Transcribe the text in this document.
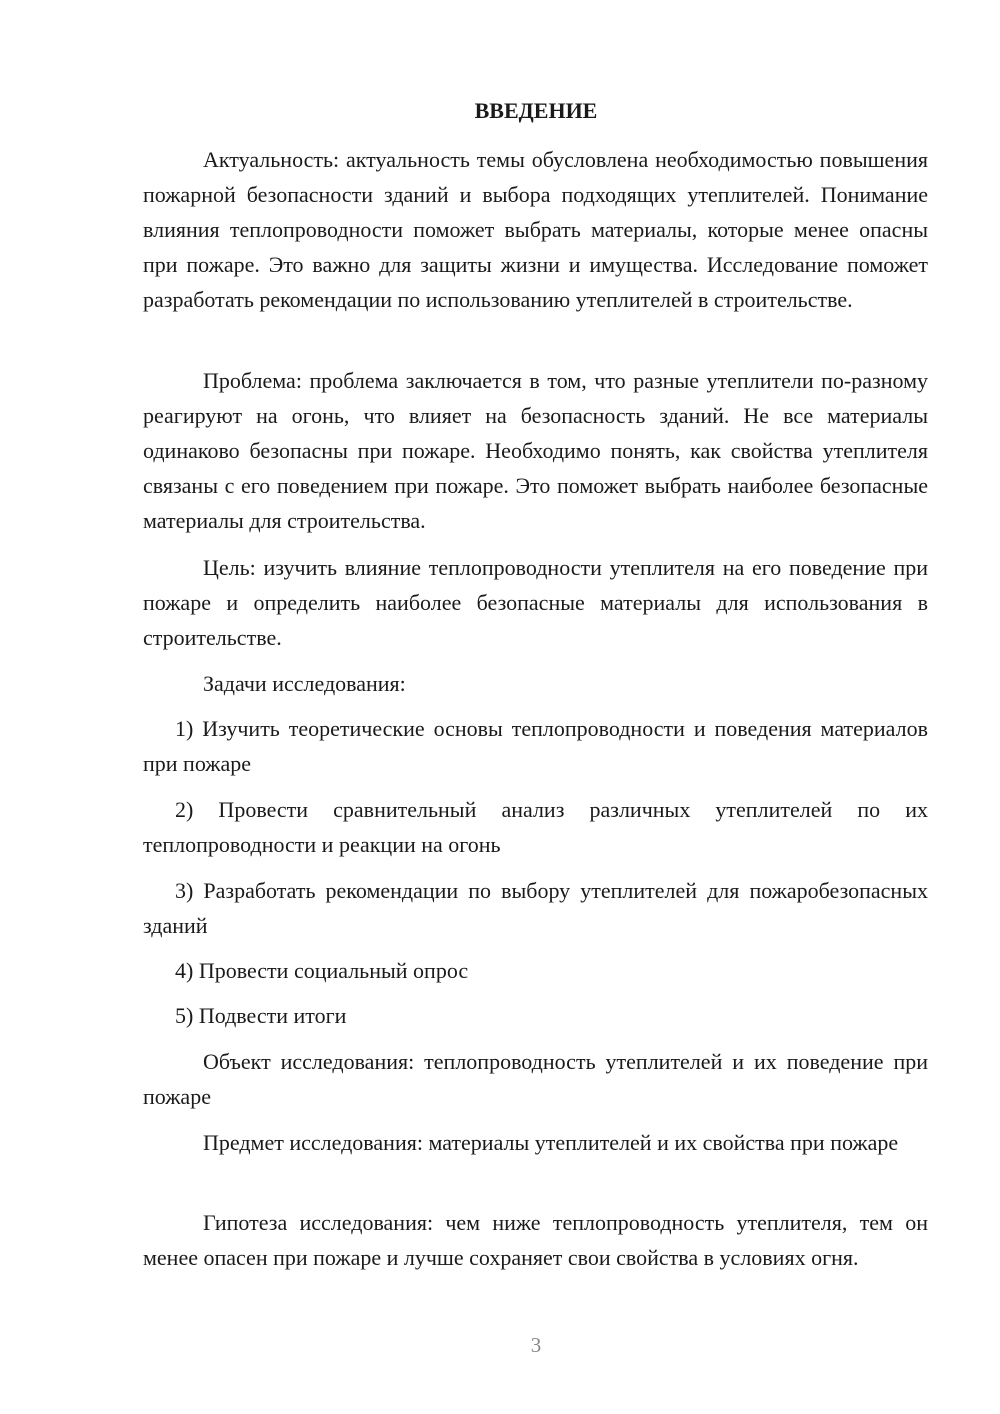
ВВЕДЕНИЕ

Актуальность: актуальность темы обусловлена необходимостью повышения пожарной безопасности зданий и выбора подходящих утеплителей. Понимание влияния теплопроводности поможет выбрать материалы, которые менее опасны при пожаре. Это важно для защиты жизни и имущества. Исследование поможет разработать рекомендации по использованию утеплителей в строительстве.

Проблема: проблема заключается в том, что разные утеплители по-разному реагируют на огонь, что влияет на безопасность зданий. Не все материалы одинаково безопасны при пожаре. Необходимо понять, как свойства утеплителя связаны с его поведением при пожаре. Это поможет выбрать наиболее безопасные материалы для строительства.

Цель: изучить влияние теплопроводности утеплителя на его поведение при пожаре и определить наиболее безопасные материалы для использования в строительстве.

Задачи исследования:

1) Изучить теоретические основы теплопроводности и поведения материалов при пожаре

2) Провести сравнительный анализ различных утеплителей по их теплопроводности и реакции на огонь

3) Разработать рекомендации по выбору утеплителей для пожаробезопасных зданий

4) Провести социальный опрос

5) Подвести итоги

Объект исследования: теплопроводность утеплителей и их поведение при пожаре

Предмет исследования: материалы утеплителей и их свойства при пожаре

Гипотеза исследования: чем ниже теплопроводность утеплителя, тем он менее опасен при пожаре и лучше сохраняет свои свойства в условиях огня.

3
